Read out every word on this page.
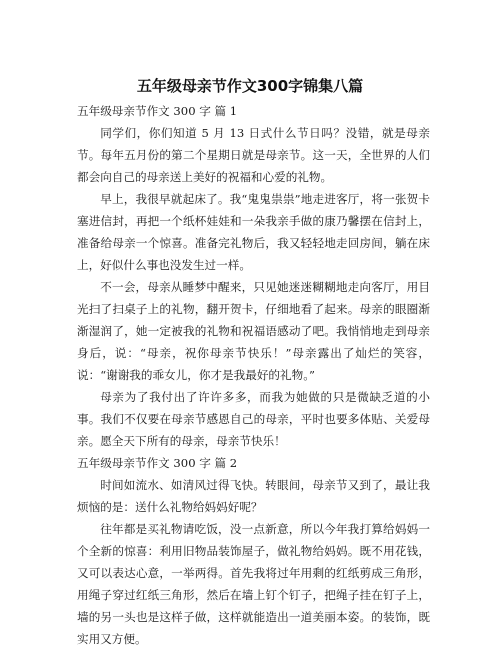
五年级母亲节作文300字锦集八篇

五年级母亲节作文 300 字 篇 1

同学们，你们知道 5 月 13 日式什么节日吗？没错，就是母亲节。每年五月份的第二个星期日就是母亲节。这一天，全世界的人们都会向自己的母亲送上美好的祝福和心爱的礼物。

早上，我很早就起床了。我“鬼鬼祟祟”地走进客厅，将一张贺卡塞进信封，再把一个纸杯娃娃和一朵我亲手做的康乃馨摆在信封上，准备给母亲一个惊喜。准备完礼物后，我又轻轻地走回房间，躺在床上，好似什么事也没发生过一样。

不一会，母亲从睡梦中醒来，只见她迷迷糊糊地走向客厅，用目光扫了扫桌子上的礼物，翻开贺卡，仔细地看了起来。母亲的眼圈渐渐湿润了，她一定被我的礼物和祝福语感动了吧。我悄悄地走到母亲身后，说：“母亲，祝你母亲节快乐！”母亲露出了灿烂的笑容，说：“谢谢我的乖女儿，你才是我最好的礼物。”

母亲为了我付出了许许多多，而我为她做的只是微缺乏道的小事。我们不仅要在母亲节感恩自己的母亲，平时也要多体贴、关爱母亲。愿全天下所有的母亲，母亲节快乐！

五年级母亲节作文 300 字 篇 2

时间如流水、如清风过得飞快。转眼间，母亲节又到了，最让我烦恼的是：送什么礼物给妈妈好呢？

往年都是买礼物请吃饭，没一点新意，所以今年我打算给妈妈一个全新的惊喜：利用旧物品装饰屋子，做礼物给妈妈。既不用花钱，又可以表达心意，一举两得。首先我将过年用剩的红纸剪成三角形，用绳子穿过红纸三角形，然后在墙上钉个钉子，把绳子挂在钉子上，墙的另一头也是这样子做，这样就能造出一道美丽本姿。的装饰，既实用又方便。
